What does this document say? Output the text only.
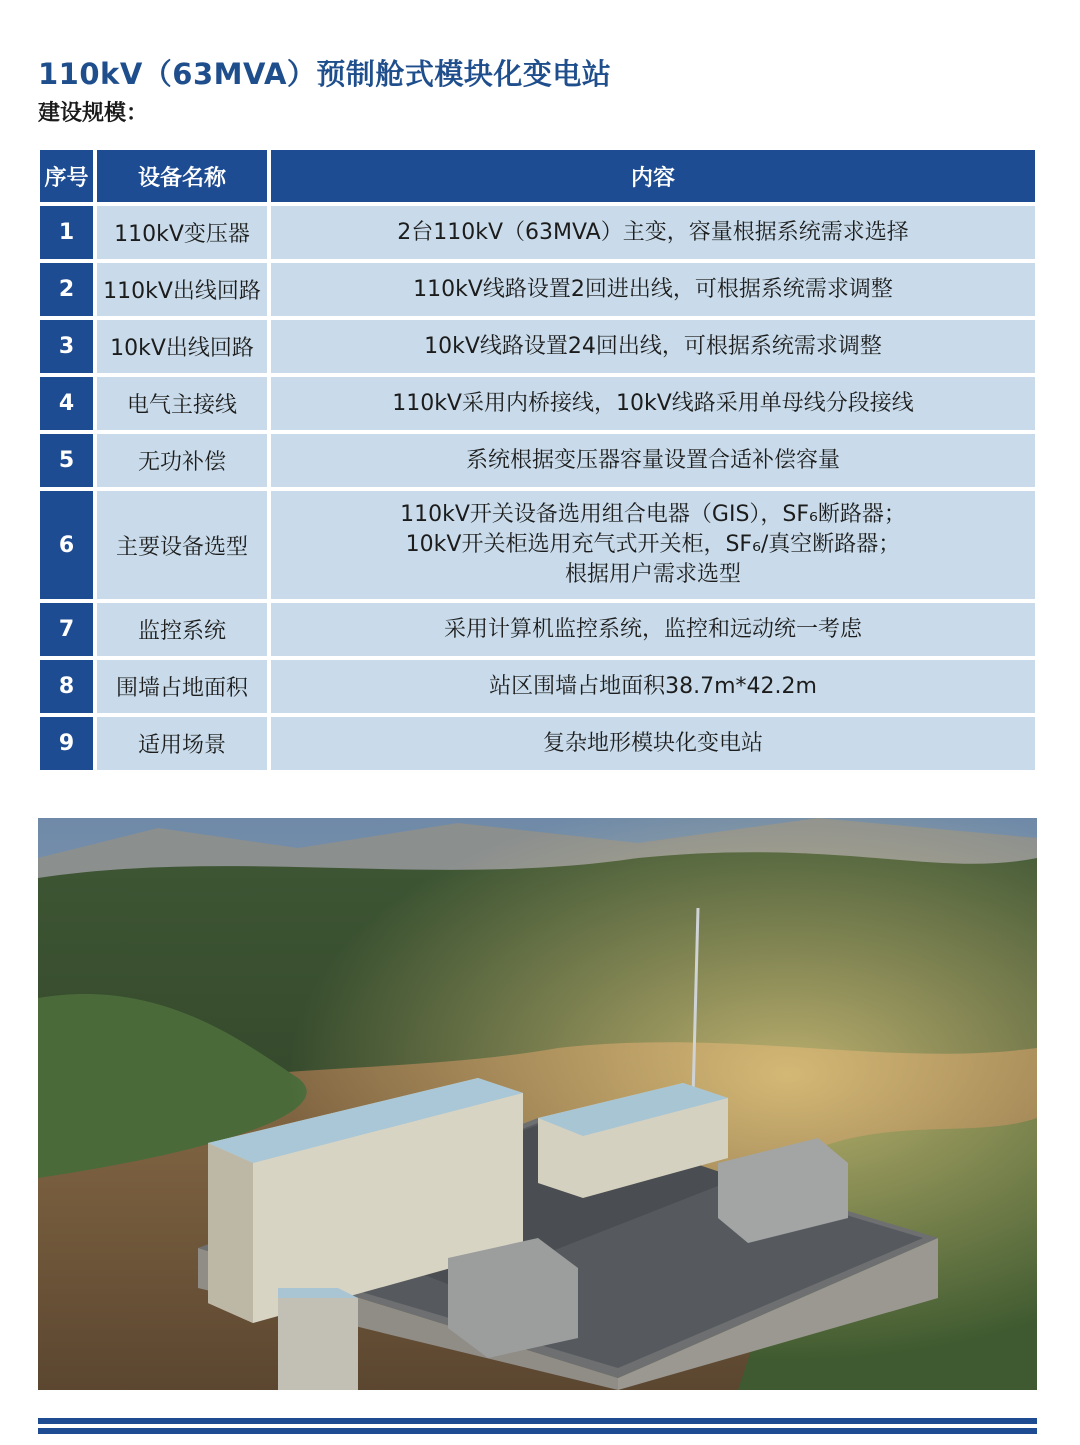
110kV（63MVA）预制舱式模块化变电站
建设规模：
序号	设备名称	内容
1	110kV变压器	2台110kV（63MVA）主变，容量根据系统需求选择
2	110kV出线回路	110kV线路设置2回进出线，可根据系统需求调整
3	10kV出线回路	10kV线路设置24回出线，可根据系统需求调整
4	电气主接线	110kV采用内桥接线，10kV线路采用单母线分段接线
5	无功补偿	系统根据变压器容量设置合适补偿容量
6	主要设备选型
110kV开关设备选用组合电器（GIS），SF₆断路器；
10kV开关柜选用充气式开关柜，SF₆/真空断路器；
根据用户需求选型
7	监控系统	采用计算机监控系统，监控和远动统一考虑
8	围墙占地面积	站区围墙占地面积38.7m*42.2m
9	适用场景	复杂地形模块化变电站
